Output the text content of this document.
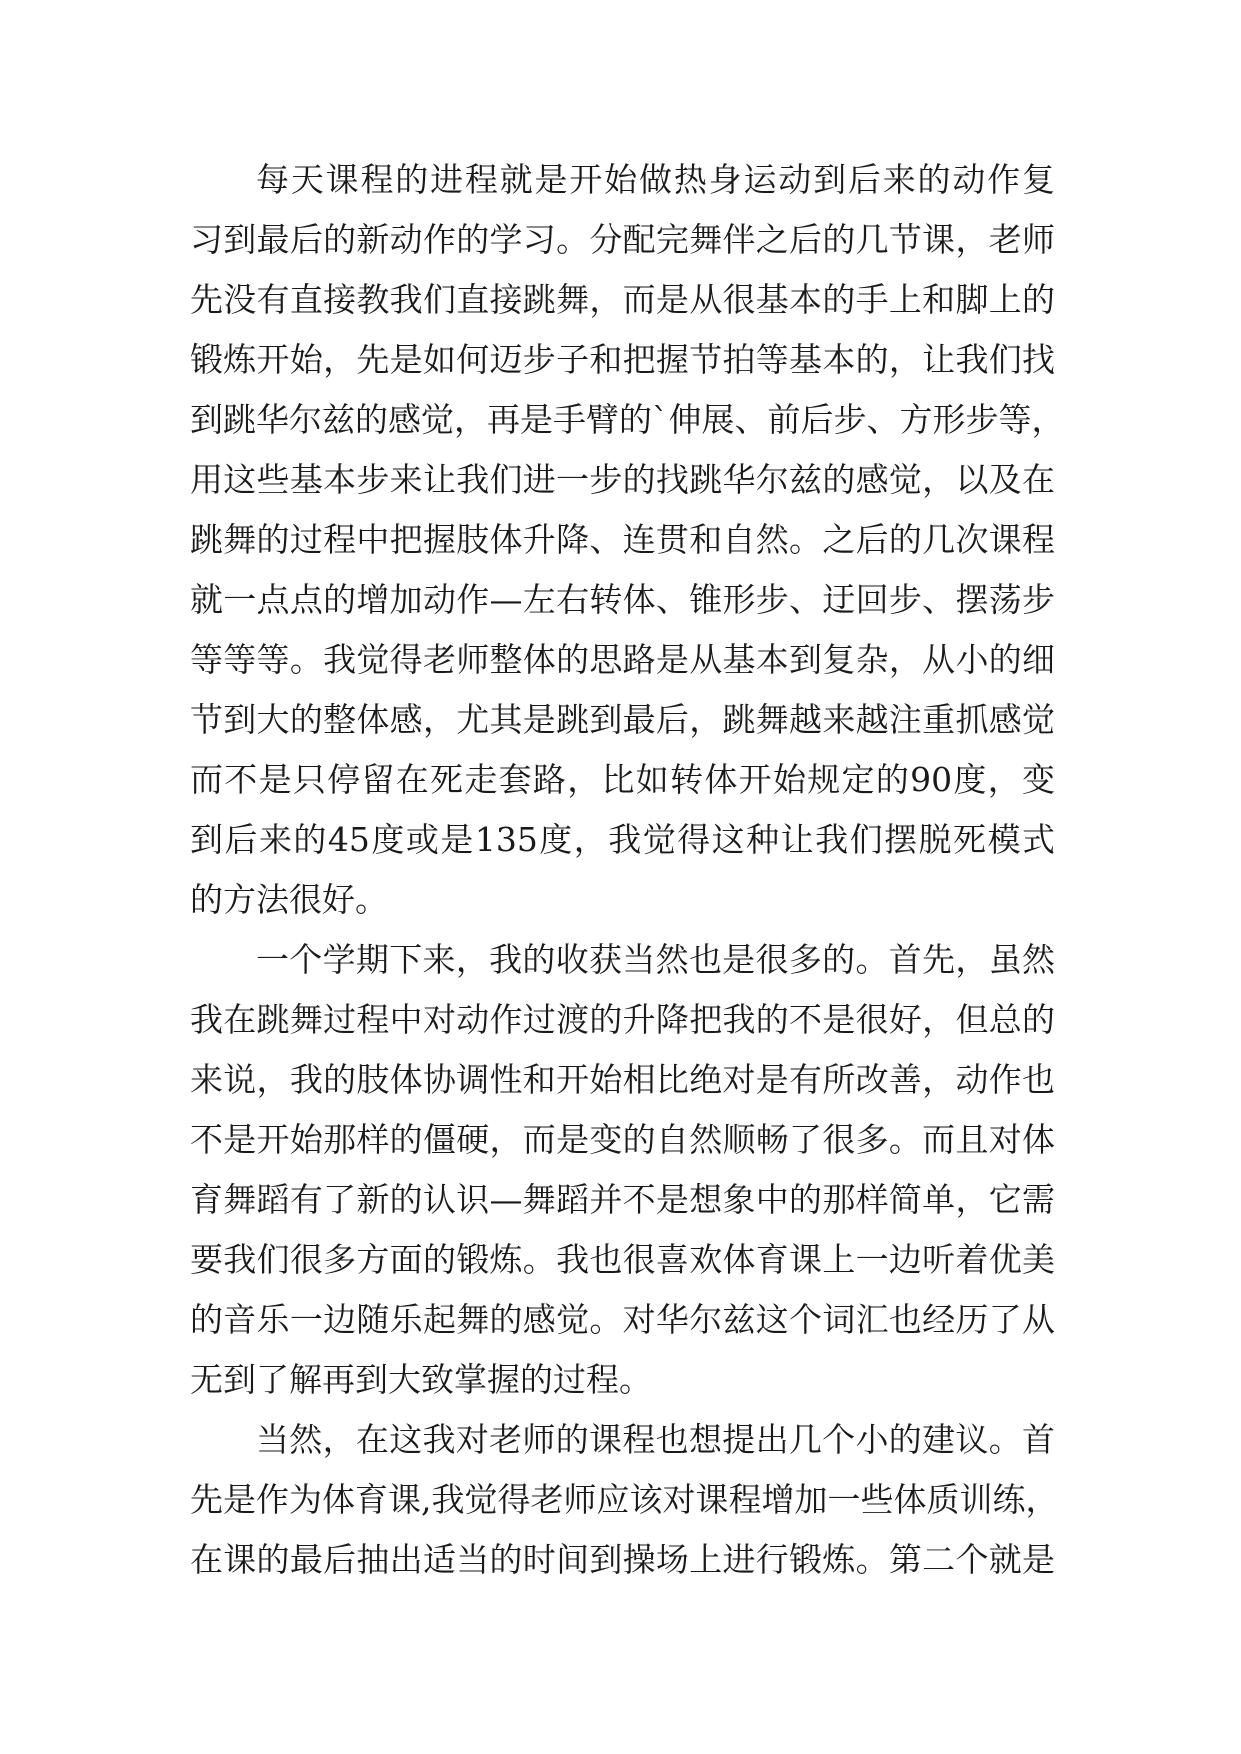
每天课程的进程就是开始做热身运动到后来的动作复
习到最后的新动作的学习。分配完舞伴之后的几节课，老师
先没有直接教我们直接跳舞，而是从很基本的手上和脚上的
锻炼开始，先是如何迈步子和把握节拍等基本的，让我们找
到跳华尔兹的感觉，再是手臂的`伸展、前后步、方形步等，
用这些基本步来让我们进一步的找跳华尔兹的感觉，以及在
跳舞的过程中把握肢体升降、连贯和自然。之后的几次课程
就一点点的增加动作—左右转体、锥形步、迂回步、摆荡步
等等等。我觉得老师整体的思路是从基本到复杂，从小的细
节到大的整体感，尤其是跳到最后，跳舞越来越注重抓感觉
而不是只停留在死走套路，比如转体开始规定的90度，变
到后来的45度或是135度，我觉得这种让我们摆脱死模式
的方法很好。
一个学期下来，我的收获当然也是很多的。首先，虽然
我在跳舞过程中对动作过渡的升降把我的不是很好，但总的
来说，我的肢体协调性和开始相比绝对是有所改善，动作也
不是开始那样的僵硬，而是变的自然顺畅了很多。而且对体
育舞蹈有了新的认识—舞蹈并不是想象中的那样简单，它需
要我们很多方面的锻炼。我也很喜欢体育课上一边听着优美
的音乐一边随乐起舞的感觉。对华尔兹这个词汇也经历了从
无到了解再到大致掌握的过程。
当然，在这我对老师的课程也想提出几个小的建议。首
先是作为体育课,我觉得老师应该对课程增加一些体质训练，
在课的最后抽出适当的时间到操场上进行锻炼。第二个就是
